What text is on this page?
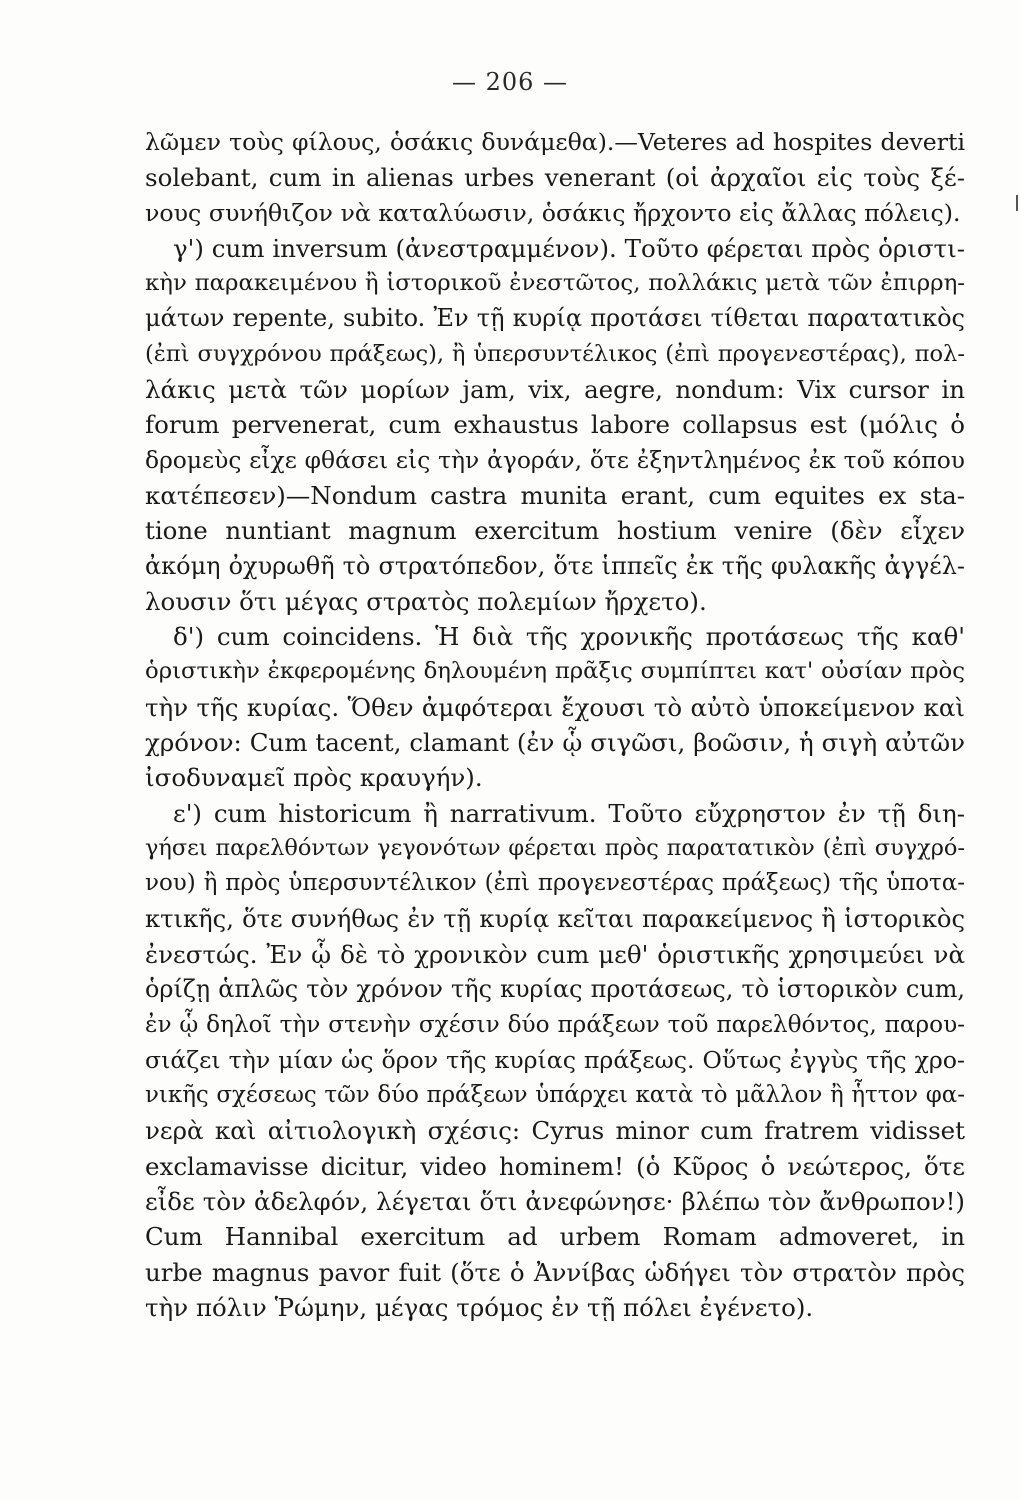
— 206 —
λῶμεν τοὺς φίλους, ὁσάκις δυνάμεθα).—Veteres ad hospites deverti
solebant, cum in alienas urbes venerant (οἱ ἀρχαῖοι εἰς τοὺς ξέ-
νους συνήθιζον νὰ καταλύωσιν, ὁσάκις ἤρχοντο εἰς ἄλλας πόλεις).
γ') cum inversum (ἀνεστραμμένον). Τοῦτο φέρεται πρὸς ὁριστι-
κὴν παρακειμένου ἢ ἱστορικοῦ ἐνεστῶτος, πολλάκις μετὰ τῶν ἐπιρρη-
μάτων repente, subito. Ἐν τῇ κυρίᾳ προτάσει τίθεται παρατατικὸς
(ἐπὶ συγχρόνου πράξεως), ἢ ὑπερσυντέλικος (ἐπὶ προγενεστέρας), πολ-
λάκις μετὰ τῶν μορίων jam, vix, aegre, nondum: Vix cursor in
forum pervenerat, cum exhaustus labore collapsus est (μόλις ὁ
δρομεὺς εἶχε φθάσει εἰς τὴν ἀγοράν, ὅτε ἐξηντλημένος ἐκ τοῦ κόπου
κατέπεσεν)—Nondum castra munita erant, cum equites ex sta-
tione nuntiant magnum exercitum hostium venire (δὲν εἶχεν
ἀκόμη ὀχυρωθῆ τὸ στρατόπεδον, ὅτε ἱππεῖς ἐκ τῆς φυλακῆς ἀγγέλ-
λουσιν ὅτι μέγας στρατὸς πολεμίων ἤρχετο).
δ') cum coincidens. Ἡ διὰ τῆς χρονικῆς προτάσεως τῆς καθ'
ὁριστικὴν ἐκφερομένης δηλουμένη πρᾶξις συμπίπτει κατ' οὐσίαν πρὸς
τὴν τῆς κυρίας. Ὅθεν ἀμφότεραι ἔχουσι τὸ αὐτὸ ὑποκείμενον καὶ
χρόνον: Cum tacent, clamant (ἐν ᾧ σιγῶσι, βοῶσιν, ἡ σιγὴ αὐτῶν
ἰσοδυναμεῖ πρὸς κραυγήν).
ε') cum historicum ἢ narrativum. Τοῦτο εὔχρηστον ἐν τῇ διη-
γήσει παρελθόντων γεγονότων φέρεται πρὸς παρατατικὸν (ἐπὶ συγχρό-
νου) ἢ πρὸς ὑπερσυντέλικον (ἐπὶ προγενεστέρας πράξεως) τῆς ὑποτα-
κτικῆς, ὅτε συνήθως ἐν τῇ κυρίᾳ κεῖται παρακείμενος ἢ ἱστορικὸς
ἐνεστώς. Ἐν ᾧ δὲ τὸ χρονικὸν cum μεθ' ὁριστικῆς χρησιμεύει νὰ
ὁρίζῃ ἁπλῶς τὸν χρόνον τῆς κυρίας προτάσεως, τὸ ἱστορικὸν cum,
ἐν ᾧ δηλοῖ τὴν στενὴν σχέσιν δύο πράξεων τοῦ παρελθόντος, παρου-
σιάζει τὴν μίαν ὡς ὅρον τῆς κυρίας πράξεως. Οὕτως ἐγγὺς τῆς χρο-
νικῆς σχέσεως τῶν δύο πράξεων ὑπάρχει κατὰ τὸ μᾶλλον ἢ ἧττον φα-
νερὰ καὶ αἰτιολογικὴ σχέσις: Cyrus minor cum fratrem vidisset
exclamavisse dicitur, video hominem! (ὁ Κῦρος ὁ νεώτερος, ὅτε
εἶδε τὸν ἀδελφόν, λέγεται ὅτι ἀνεφώνησε· βλέπω τὸν ἄνθρωπον!)
Cum Hannibal exercitum ad urbem Romam admoveret, in
urbe magnus pavor fuit (ὅτε ὁ Ἀννίβας ὡδήγει τὸν στρατὸν πρὸς
τὴν πόλιν Ῥώμην, μέγας τρόμος ἐν τῇ πόλει ἐγένετο).
